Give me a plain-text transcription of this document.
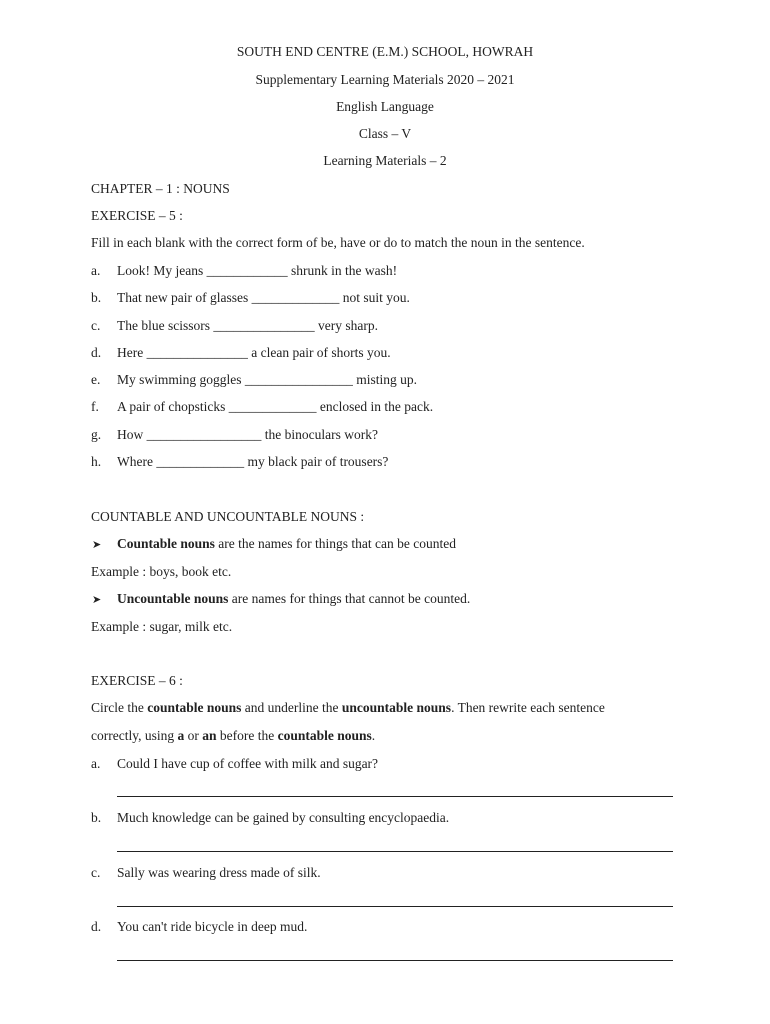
SOUTH END CENTRE (E.M.) SCHOOL, HOWRAH
Supplementary Learning Materials 2020 – 2021
English Language
Class – V
Learning Materials – 2
CHAPTER – 1 : NOUNS
EXERCISE – 5 :
Fill in each blank with the correct form of be, have or do to match the noun in the sentence.
a. Look! My jeans ____________ shrunk in the wash!
b. That new pair of glasses _____________ not suit you.
c. The blue scissors _______________ very sharp.
d. Here _______________ a clean pair of shorts you.
e. My swimming goggles ________________ misting up.
f. A pair of chopsticks _____________ enclosed in the pack.
g. How _________________ the binoculars work?
h. Where _____________ my black pair of trousers?
COUNTABLE AND UNCOUNTABLE NOUNS :
➤ Countable nouns are the names for things that can be counted
Example : boys, book etc.
➤ Uncountable nouns are names for things that cannot be counted.
Example : sugar, milk etc.
EXERCISE – 6 :
Circle the countable nouns and underline the uncountable nouns. Then rewrite each sentence
correctly, using a or an before the countable nouns.
a. Could I have cup of coffee with milk and sugar?
b. Much knowledge can be gained by consulting encyclopaedia.
c. Sally was wearing dress made of silk.
d. You can't ride bicycle in deep mud.
